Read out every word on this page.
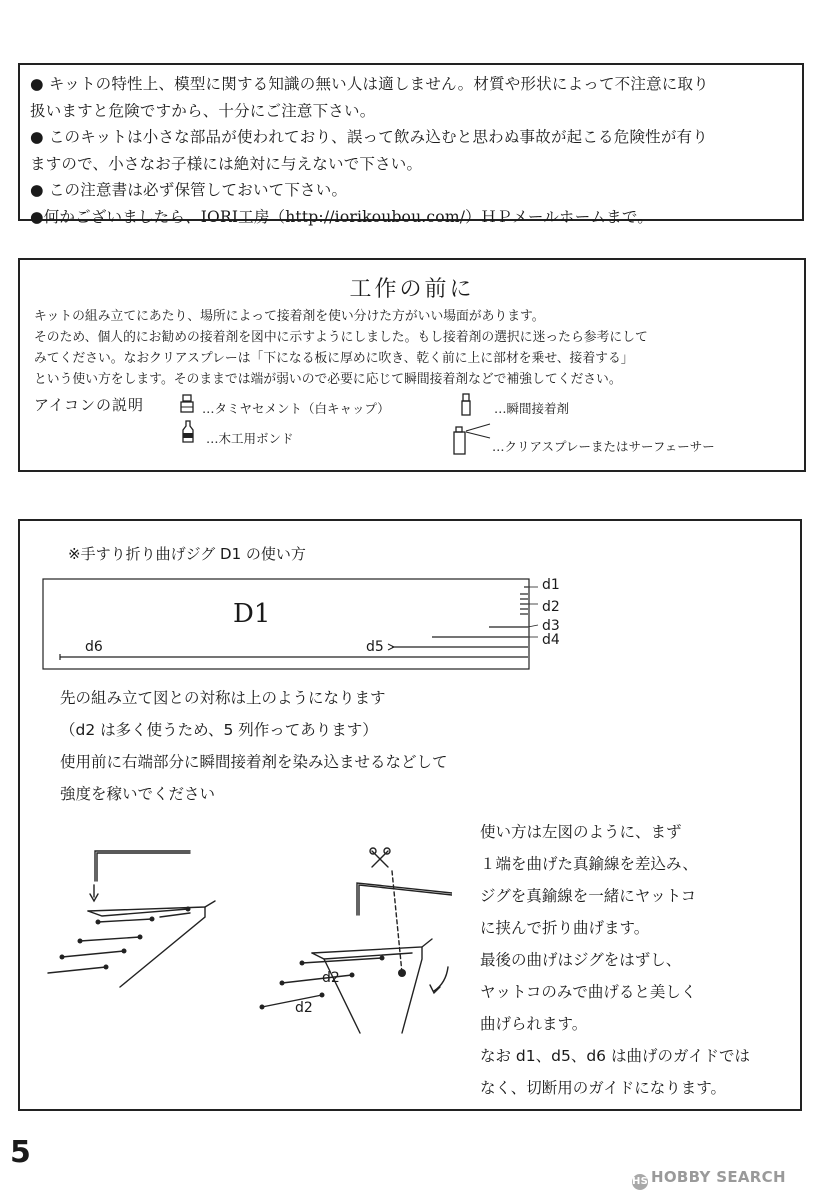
● キットの特性上、模型に関する知識の無い人は適しません。材質や形状によって不注意に取り
扱いますと危険ですから、十分にご注意下さい。
● このキットは小さな部品が使われており、誤って飲み込むと思わぬ事故が起こる危険性が有り
ますので、小さなお子様には絶対に与えないで下さい。
● この注意書は必ず保管しておいて下さい。
●何かございましたら、IORI工房（http://iorikoubou.com/）ＨＰメールホームまで。
工作の前に
キットの組み立てにあたり、場所によって接着剤を使い分けた方がいい場面があります。
そのため、個人的にお勧めの接着剤を図中に示すようにしました。もし接着剤の選択に迷ったら参考にして
みてください。なおクリアスプレーは「下になる板に厚めに吹き、乾く前に上に部材を乗せ、接着する」
という使い方をします。そのままでは端が弱いので必要に応じて瞬間接着剤などで補強してください。
アイコンの説明	…タミヤセメント（白キャップ）	…瞬間接着剤
…木工用ボンド
…クリアスプレーまたはサーフェーサー
※手すり折り曲げジグ D1 の使い方
D1
d1
d2
d3
d4
d5
d6
先の組み立て図との対称は上のようになります
（d2 は多く使うため、5 列作ってあります）
使用前に右端部分に瞬間接着剤を染み込ませるなどして
強度を稼いでください
d2
d2
使い方は左図のように、まず
１端を曲げた真鍮線を差込み、
ジグを真鍮線を一緒にヤットコ
に挟んで折り曲げます。
最後の曲げはジグをはずし、
ヤットコのみで曲げると美しく
曲げられます。
なお d1、d5、d6 は曲げのガイドでは
なく、切断用のガイドになります。
5
HS HOBBY SEARCH
